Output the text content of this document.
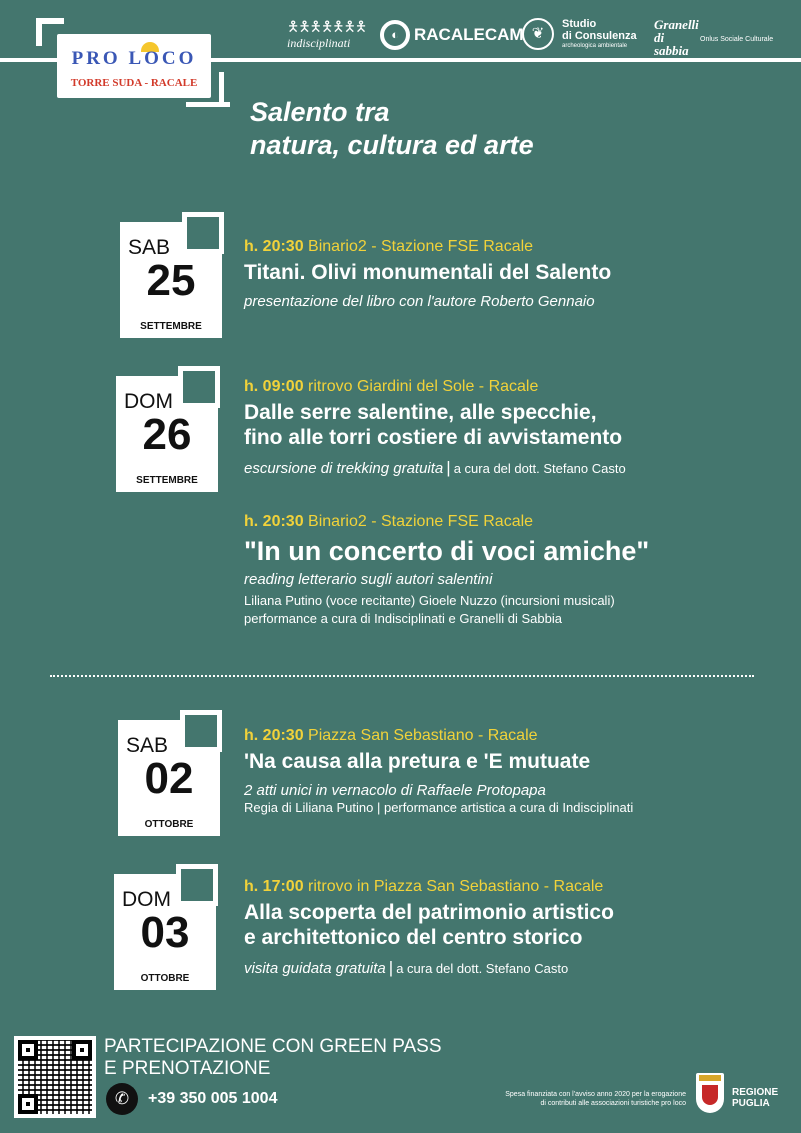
PRO LOCO
TORRE SUDA - RACALE
🯅🯅🯅🯅🯅🯅🯅
indisciplinati
◐ RACALECAM ❦
Studio
di Consulenza
archeologica ambientale
Granelli di sabbia
Onlus Sociale Culturale
Salento tra
natura, cultura ed arte
SAB
25
SETTEMBRE
h. 20:30 Binario2 - Stazione FSE Racale
Titani. Olivi monumentali del Salento
presentazione del libro con l'autore Roberto Gennaio
DOM
26
SETTEMBRE
h. 09:00 ritrovo Giardini del Sole - Racale
Dalle serre salentine, alle specchie,
fino alle torri costiere di avvistamento
escursione di trekking gratuita | a cura del dott. Stefano Casto
h. 20:30 Binario2 - Stazione FSE Racale
"In un concerto di voci amiche"
reading letterario sugli autori salentini
Liliana Putino (voce recitante) Gioele Nuzzo (incursioni musicali)
performance a cura di Indisciplinati e Granelli di Sabbia
SAB
02
OTTOBRE
h. 20:30 Piazza San Sebastiano - Racale
'Na causa alla pretura e 'E mutuate
2 atti unici in vernacolo di Raffaele Protopapa
Regia di Liliana Putino | performance artistica a cura di Indisciplinati
DOM
03
OTTOBRE
h. 17:00 ritrovo in Piazza San Sebastiano - Racale
Alla scoperta del patrimonio artistico
e architettonico del centro storico
visita guidata gratuita | a cura del dott. Stefano Casto
PARTECIPAZIONE CON GREEN PASS
E PRENOTAZIONE
✆	+39 350 005 1004	Spesa finanziata con l'avviso anno 2020 per la erogazione
di contributi alle associazioni turistiche pro loco
REGIONE
PUGLIA
